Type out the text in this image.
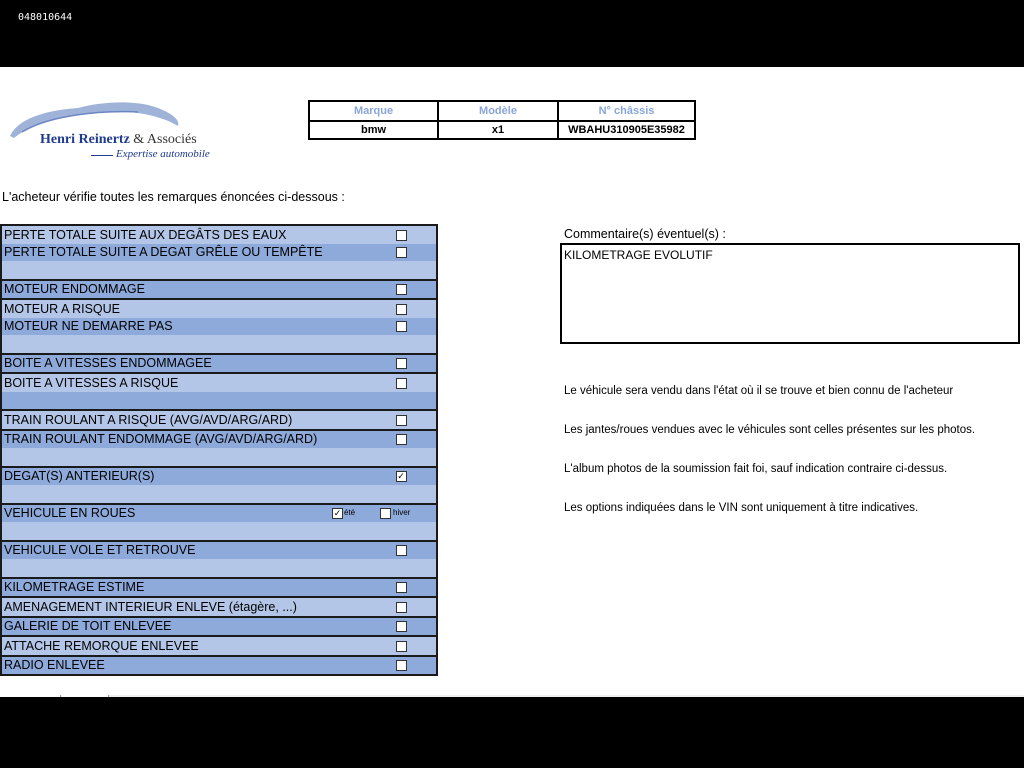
048010644
Henri Reinertz & Associés
Expertise automobile
Marque	Modèle	N° châssis
bmw	x1	WBAHU310905E35982
L'acheteur vérifie toutes les remarques énoncées ci-dessous :
PERTE TOTALE SUITE AUX DEGÂTS DES EAUX	
PERTE TOTALE SUITE A DEGAT GRÊLE OU TEMPÊTE	

MOTEUR ENDOMMAGE	
MOTEUR A RISQUE	
MOTEUR NE DEMARRE PAS	

BOITE A VITESSES ENDOMMAGEE	
BOITE A VITESSES A RISQUE	

TRAIN ROULANT A RISQUE (AVG/AVD/ARG/ARD)	
TRAIN ROULANT ENDOMMAGE (AVG/AVD/ARG/ARD)	

DEGAT(S) ANTERIEUR(S)	✓

VEHICULE EN ROUES	✓ été hiver

VEHICULE VOLE ET RETROUVE	

KILOMETRAGE ESTIME	
AMENAGEMENT INTERIEUR ENLEVE (étagère, ...)	
GALERIE DE TOIT ENLEVEE	
ATTACHE REMORQUE ENLEVEE	
RADIO ENLEVEE	
Commentaire(s) éventuel(s) :
KILOMETRAGE EVOLUTIF
Le véhicule sera vendu dans l'état où il se trouve et bien connu de l'acheteur
Les jantes/roues vendues avec le véhicules sont celles présentes sur les photos.
L'album photos de la soumission fait foi, sauf indication contraire ci-dessus.
Les options indiquées dans le VIN sont uniquement à titre indicatives.
